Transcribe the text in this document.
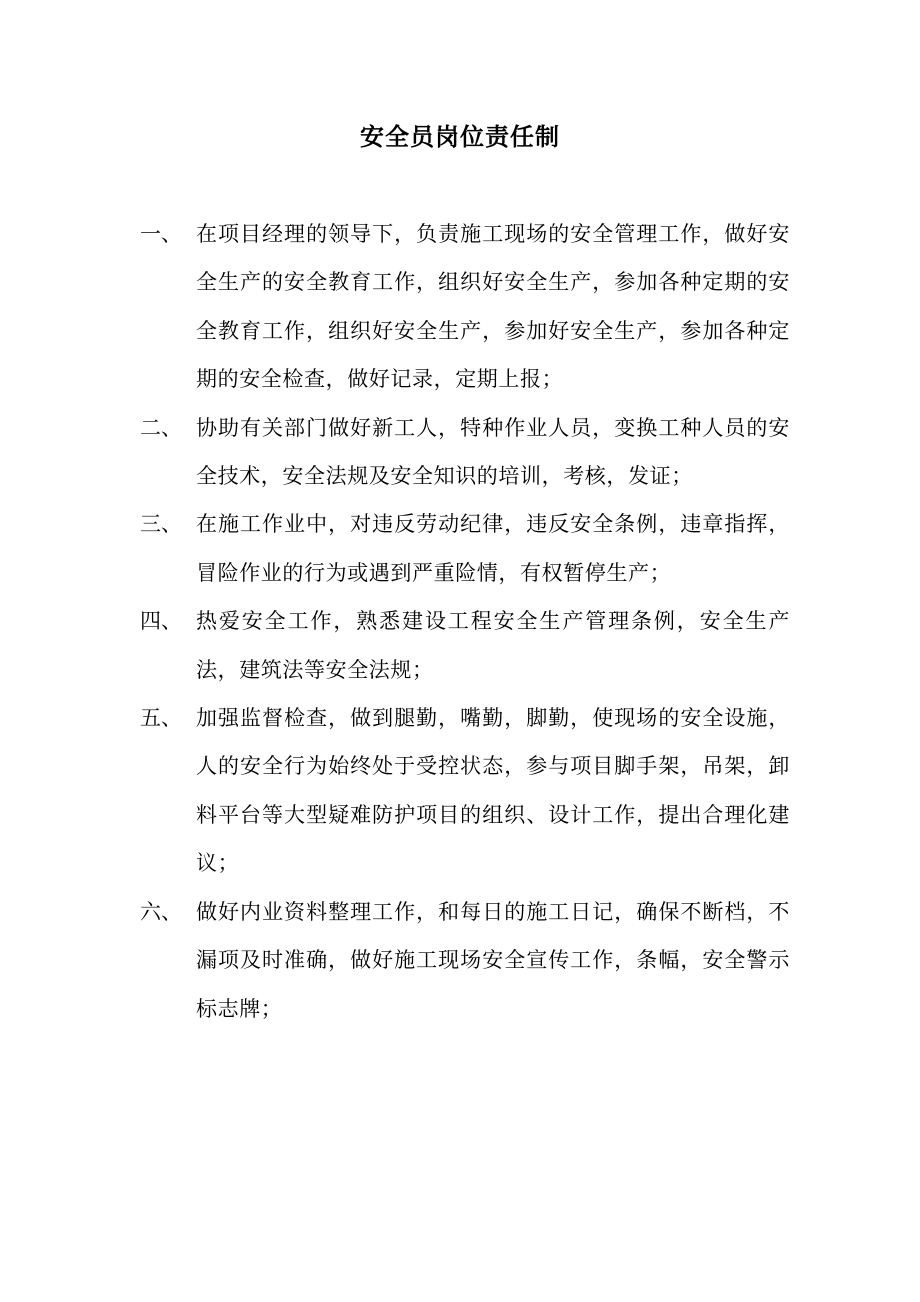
安全员岗位责任制
一、 在项目经理的领导下，负责施工现场的安全管理工作，做好安全生产的安全教育工作，组织好安全生产，参加各种定期的安全教育工作，组织好安全生产，参加好安全生产，参加各种定期的安全检查，做好记录，定期上报；
二、 协助有关部门做好新工人，特种作业人员，变换工种人员的安全技术，安全法规及安全知识的培训，考核，发证；
三、 在施工作业中，对违反劳动纪律，违反安全条例，违章指挥，冒险作业的行为或遇到严重险情，有权暂停生产；
四、 热爱安全工作，熟悉建设工程安全生产管理条例，安全生产法，建筑法等安全法规；
五、 加强监督检查，做到腿勤，嘴勤，脚勤，使现场的安全设施，人的安全行为始终处于受控状态，参与项目脚手架，吊架，卸料平台等大型疑难防护项目的组织、设计工作，提出合理化建议；
六、 做好内业资料整理工作，和每日的施工日记，确保不断档，不漏项及时准确，做好施工现场安全宣传工作，条幅，安全警示标志牌；
